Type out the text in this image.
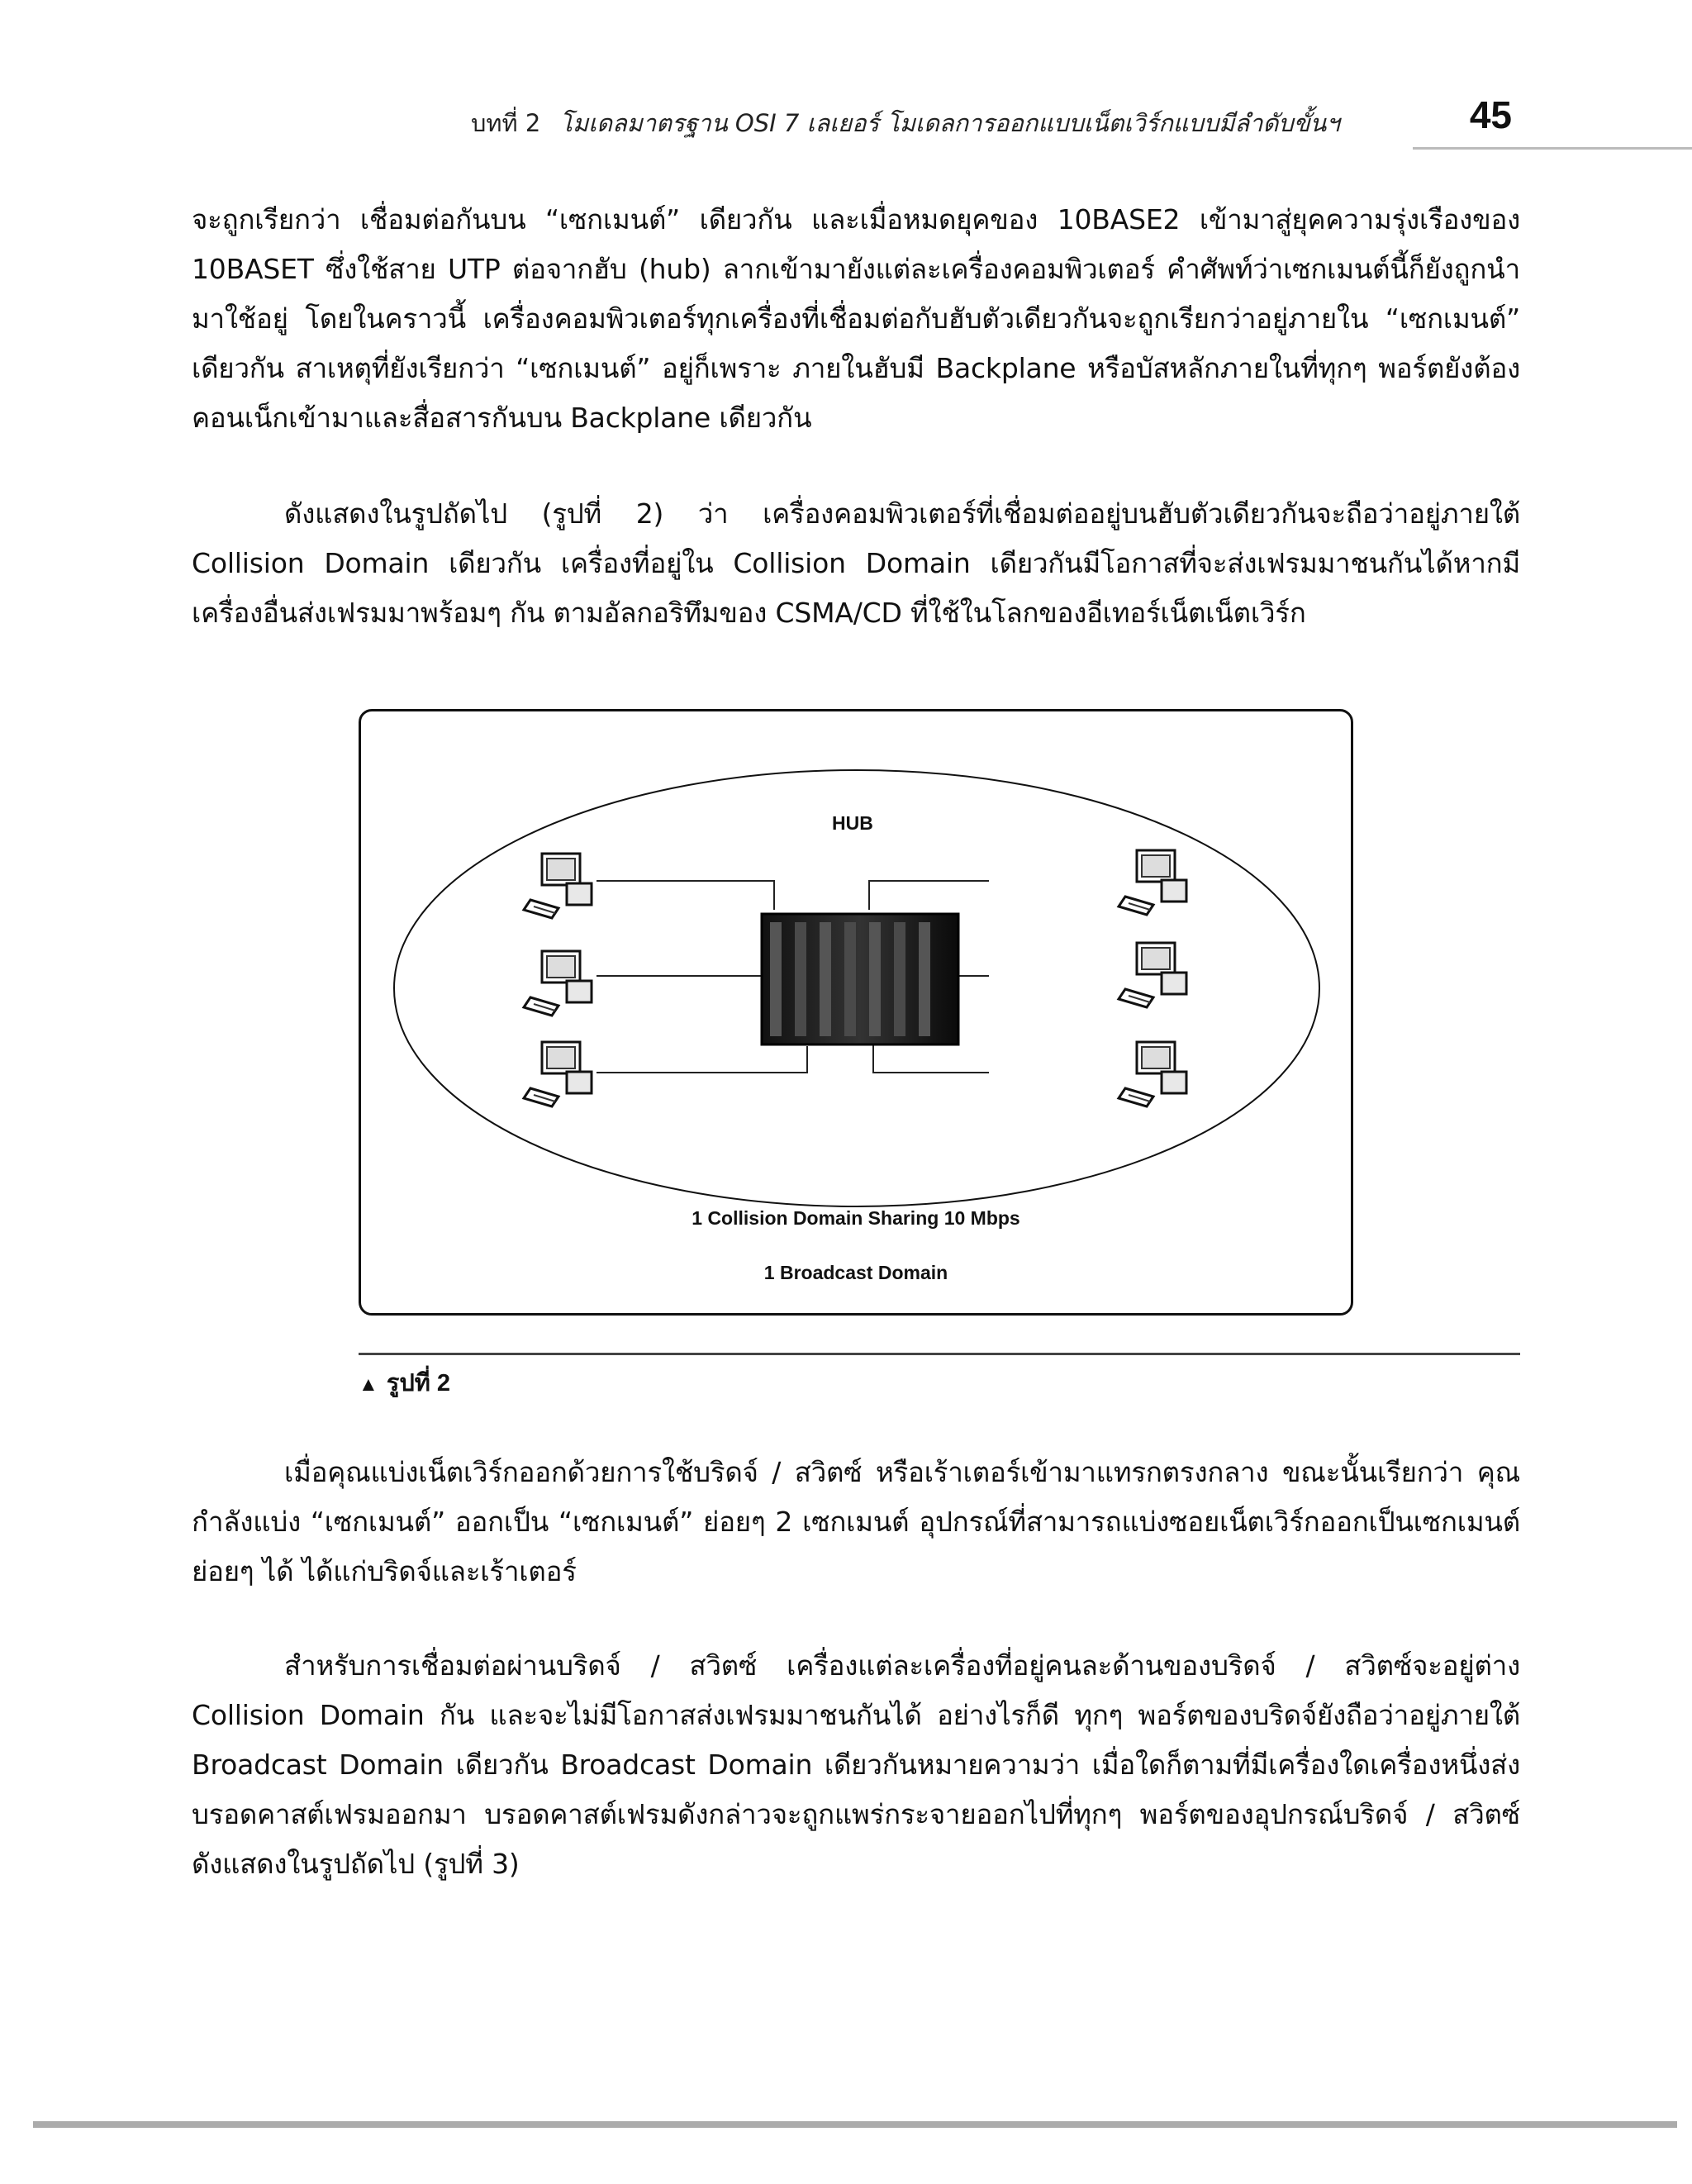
บทที่ 2 โมเดลมาตรฐาน OSI 7 เลเยอร์ โมเดลการออกแบบเน็ตเวิร์กแบบมีลำดับขั้นฯ	45

จะถูกเรียกว่า เชื่อมต่อกันบน “เซกเมนต์” เดียวกัน และเมื่อหมดยุคของ 10BASE2 เข้ามาสู่ยุคความรุ่งเรืองของ 10BASET ซึ่งใช้สาย UTP ต่อจากฮับ (hub) ลากเข้ามายังแต่ละเครื่องคอมพิวเตอร์ คำศัพท์ว่าเซกเมนต์นี้ก็ยังถูกนำมาใช้อยู่ โดยในคราวนี้ เครื่องคอมพิวเตอร์ทุกเครื่องที่เชื่อมต่อกับฮับตัวเดียวกันจะถูกเรียกว่าอยู่ภายใน “เซกเมนต์” เดียวกัน สาเหตุที่ยังเรียกว่า “เซกเมนต์” อยู่ก็เพราะ ภายในฮับมี Backplane หรือบัสหลักภายในที่ทุกๆ พอร์ตยังต้องคอนเน็กเข้ามาและสื่อสารกันบน Backplane เดียวกัน

ดังแสดงในรูปถัดไป (รูปที่ 2) ว่า เครื่องคอมพิวเตอร์ที่เชื่อมต่ออยู่บนฮับตัวเดียวกันจะถือว่าอยู่ภายใต้ Collision Domain เดียวกัน เครื่องที่อยู่ใน Collision Domain เดียวกันมีโอกาสที่จะส่งเฟรมมาชนกันได้หากมีเครื่องอื่นส่งเฟรมมาพร้อมๆ กัน ตามอัลกอริทึมของ CSMA/CD ที่ใช้ในโลกของอีเทอร์เน็ตเน็ตเวิร์ก

HUB
1 Collision Domain Sharing 10 Mbps
1 Broadcast Domain
▲ รูปที่ 2

เมื่อคุณแบ่งเน็ตเวิร์กออกด้วยการใช้บริดจ์ / สวิตซ์ หรือเร้าเตอร์เข้ามาแทรกตรงกลาง ขณะนั้นเรียกว่า คุณกำลังแบ่ง “เซกเมนต์” ออกเป็น “เซกเมนต์” ย่อยๆ 2 เซกเมนต์ อุปกรณ์ที่สามารถแบ่งซอยเน็ตเวิร์กออกเป็นเซกเมนต์ย่อยๆ ได้ ได้แก่บริดจ์และเร้าเตอร์

สำหรับการเชื่อมต่อผ่านบริดจ์ / สวิตซ์ เครื่องแต่ละเครื่องที่อยู่คนละด้านของบริดจ์ / สวิตซ์จะอยู่ต่าง Collision Domain กัน และจะไม่มีโอกาสส่งเฟรมมาชนกันได้ อย่างไรก็ดี ทุกๆ พอร์ตของบริดจ์ยังถือว่าอยู่ภายใต้ Broadcast Domain เดียวกัน Broadcast Domain เดียวกันหมายความว่า เมื่อใดก็ตามที่มีเครื่องใดเครื่องหนึ่งส่งบรอดคาสต์เฟรมออกมา บรอดคาสต์เฟรมดังกล่าวจะถูกแพร่กระจายออกไปที่ทุกๆ พอร์ตของอุปกรณ์บริดจ์ / สวิตซ์ ดังแสดงในรูปถัดไป (รูปที่ 3)
